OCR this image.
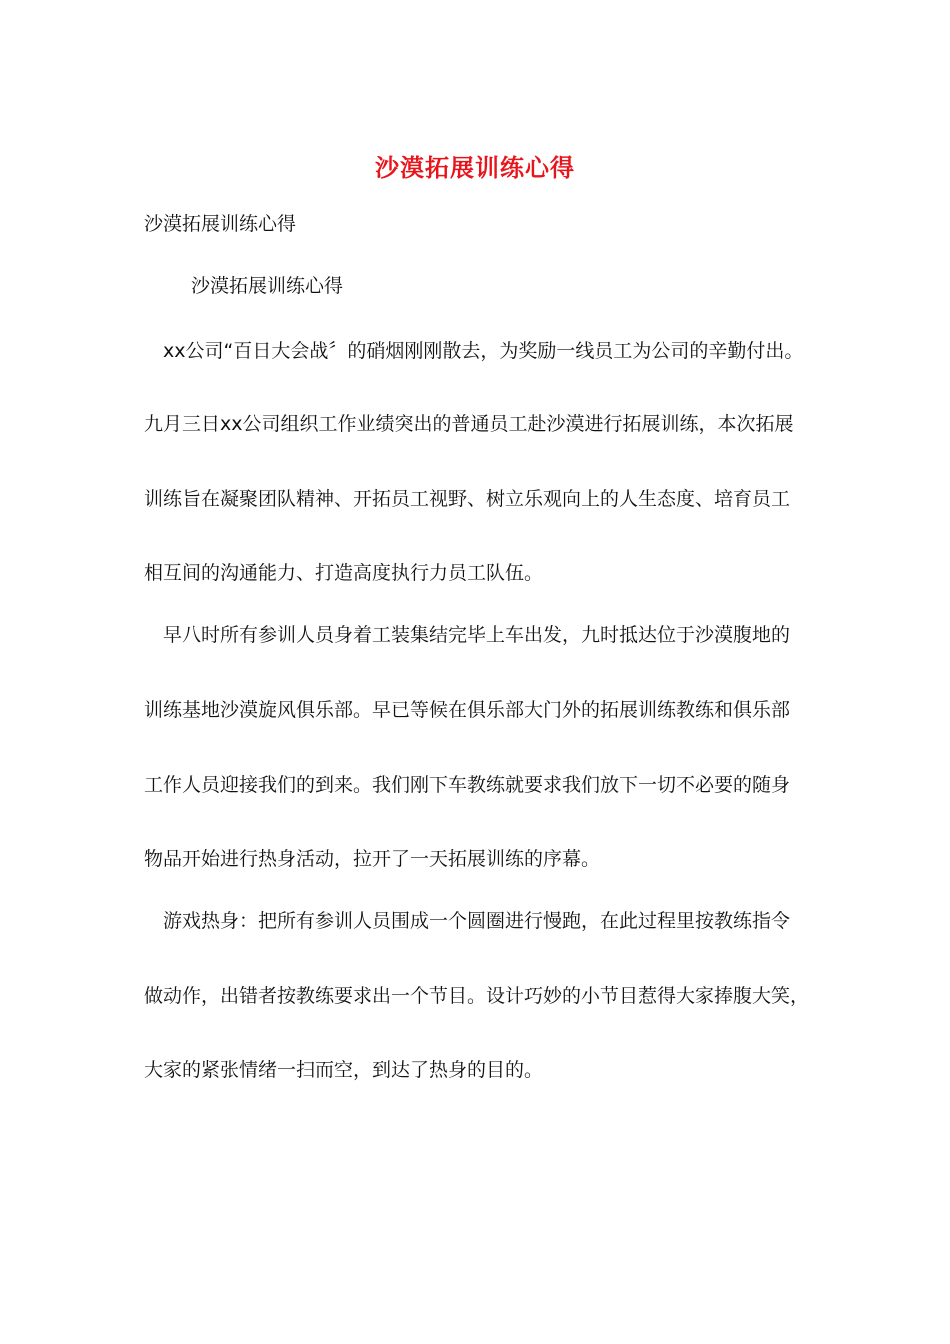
沙漠拓展训练心得
沙漠拓展训练心得
沙漠拓展训练心得
xx公司“百日大会战〞的硝烟刚刚散去，为奖励一线员工为公司的辛勤付出。
九月三日xx公司组织工作业绩突出的普通员工赴沙漠进行拓展训练，本次拓展
训练旨在凝聚团队精神、开拓员工视野、树立乐观向上的人生态度、培育员工
相互间的沟通能力、打造高度执行力员工队伍。
早八时所有参训人员身着工装集结完毕上车出发，九时抵达位于沙漠腹地的
训练基地沙漠旋风俱乐部。早已等候在俱乐部大门外的拓展训练教练和俱乐部
工作人员迎接我们的到来。我们刚下车教练就要求我们放下一切不必要的随身
物品开始进行热身活动，拉开了一天拓展训练的序幕。
游戏热身：把所有参训人员围成一个圆圈进行慢跑，在此过程里按教练指令
做动作，出错者按教练要求出一个节目。设计巧妙的小节目惹得大家捧腹大笑，
大家的紧张情绪一扫而空，到达了热身的目的。
